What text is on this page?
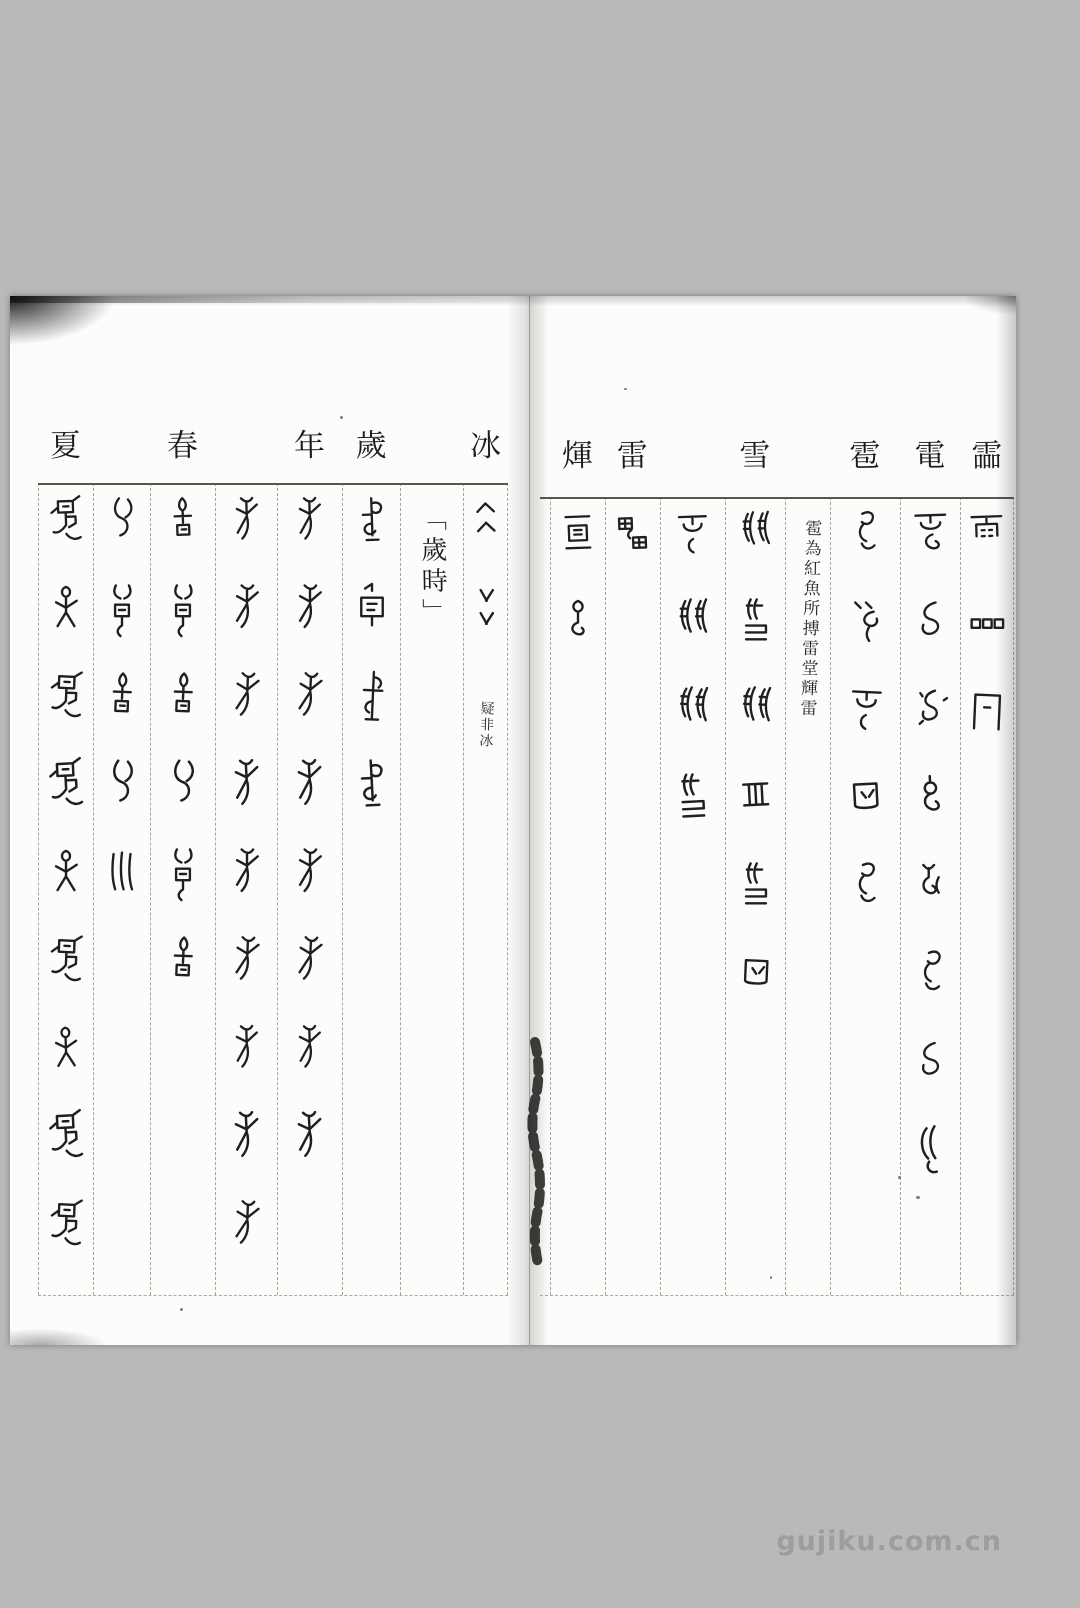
霝
電
雹
雹為紅魚所搏雷堂輝雷
雪
雷
煇
冰
疑非冰
「歲時」
歲
年
春
夏
gujiku.com.cn
